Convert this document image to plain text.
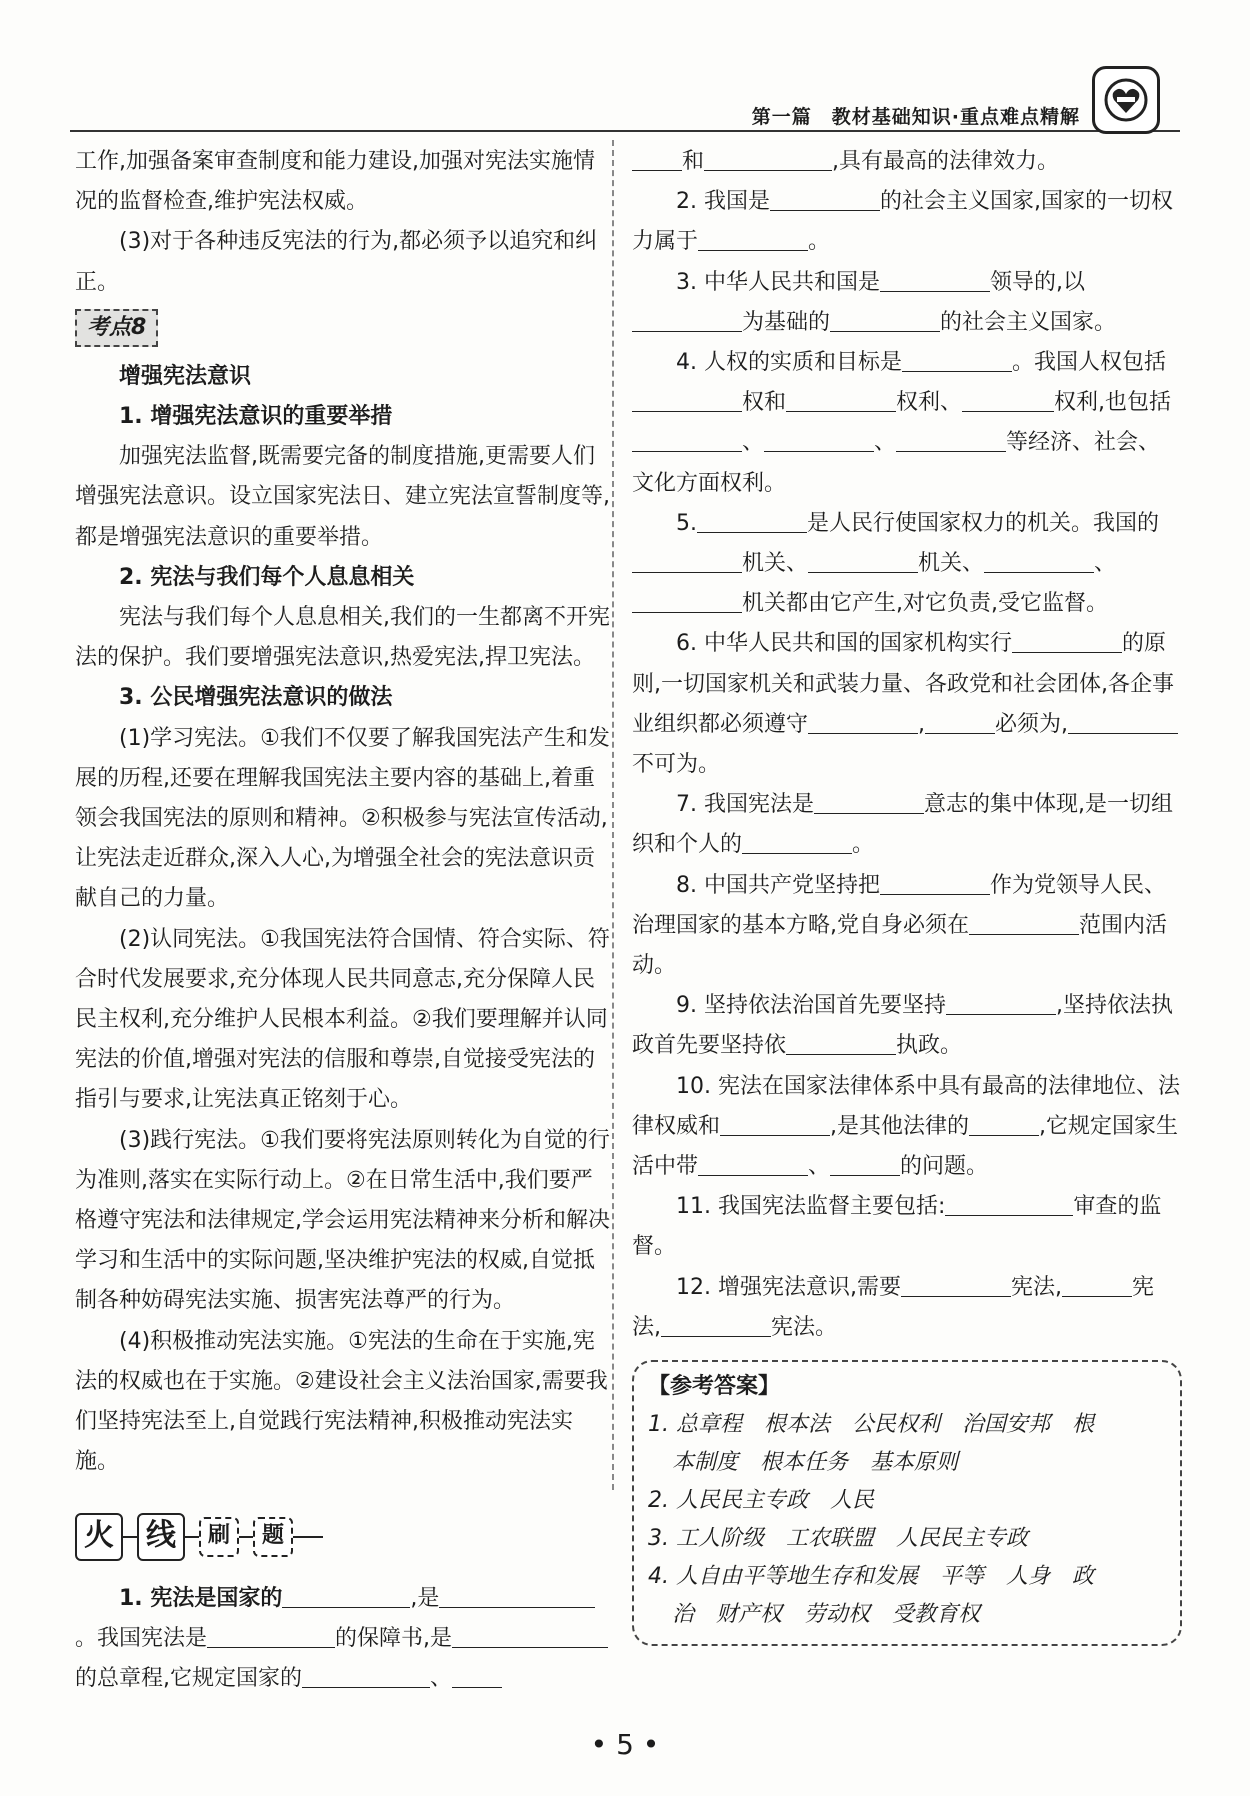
第一篇　教材基础知识·重点难点精解

工作,加强备案审查制度和能力建设,加强对宪法实施情况的监督检查,维护宪法权威。

(3)对于各种违反宪法的行为,都必须予以追究和纠正。

考点8

增强宪法意识

1. 增强宪法意识的重要举措

加强宪法监督,既需要完备的制度措施,更需要人们增强宪法意识。设立国家宪法日、建立宪法宣誓制度等,都是增强宪法意识的重要举措。

2. 宪法与我们每个人息息相关

宪法与我们每个人息息相关,我们的一生都离不开宪法的保护。我们要增强宪法意识,热爱宪法,捍卫宪法。

3. 公民增强宪法意识的做法

(1)学习宪法。①我们不仅要了解我国宪法产生和发展的历程,还要在理解我国宪法主要内容的基础上,着重领会我国宪法的原则和精神。②积极参与宪法宣传活动,让宪法走近群众,深入人心,为增强全社会的宪法意识贡献自己的力量。

(2)认同宪法。①我国宪法符合国情、符合实际、符合时代发展要求,充分体现人民共同意志,充分保障人民民主权利,充分维护人民根本利益。②我们要理解并认同宪法的价值,增强对宪法的信服和尊崇,自觉接受宪法的指引与要求,让宪法真正铭刻于心。

(3)践行宪法。①我们要将宪法原则转化为自觉的行为准则,落实在实际行动上。②在日常生活中,我们要严格遵守宪法和法律规定,学会运用宪法精神来分析和解决学习和生活中的实际问题,坚决维护宪法的权威,自觉抵制各种妨碍宪法实施、损害宪法尊严的行为。

(4)积极推动宪法实施。①宪法的生命在于实施,宪法的权威也在于实施。②建设社会主义法治国家,需要我们坚持宪法至上,自觉践行宪法精神,积极推动宪法实施。

火	线	刷	题

1. 宪法是国家的	,是。我国宪法是	的保障书,是的总章程,它规定国家的	、

和	,具有最高的法律效力。

2. 我国是	的社会主义国家,国家的一切权力属于	。

3. 中华人民共和国是	领导的,以为基础的	的社会主义国家。

4. 人权的实质和目标是	。我国人权包括权和	权利、	权利,也包括、	、	等经济、社会、文化方面权利。

5.	是人民行使国家权力的机关。我国的机关、	机关、	、机关都由它产生,对它负责,受它监督。

6. 中华人民共和国的国家机构实行	的原则,一切国家机关和武装力量、各政党和社会团体,各企事业组织都必须遵守	,	必须为,不可为。

7. 我国宪法是	意志的集中体现,是一切组织和个人的	。

8. 中国共产党坚持把	作为党领导人民、治理国家的基本方略,党自身必须在	范围内活动。

9. 坚持依法治国首先要坚持	,坚持依法执政首先要坚持依	执政。

10. 宪法在国家法律体系中具有最高的法律地位、法律权威和	,是其他法律的	,它规定国家生活中带	、	的问题。

11. 我国宪法监督主要包括:	审查的监督。

12. 增强宪法意识,需要	宪法,	宪法,	宪法。

【参考答案】

1. 总章程　根本法　公民权利　治国安邦　根

本制度　根本任务　基本原则

2. 人民民主专政　人民

3. 工人阶级　工农联盟　人民民主专政

4. 人自由平等地生存和发展　平等　人身　政

治　财产权　劳动权　受教育权

• 5 •
